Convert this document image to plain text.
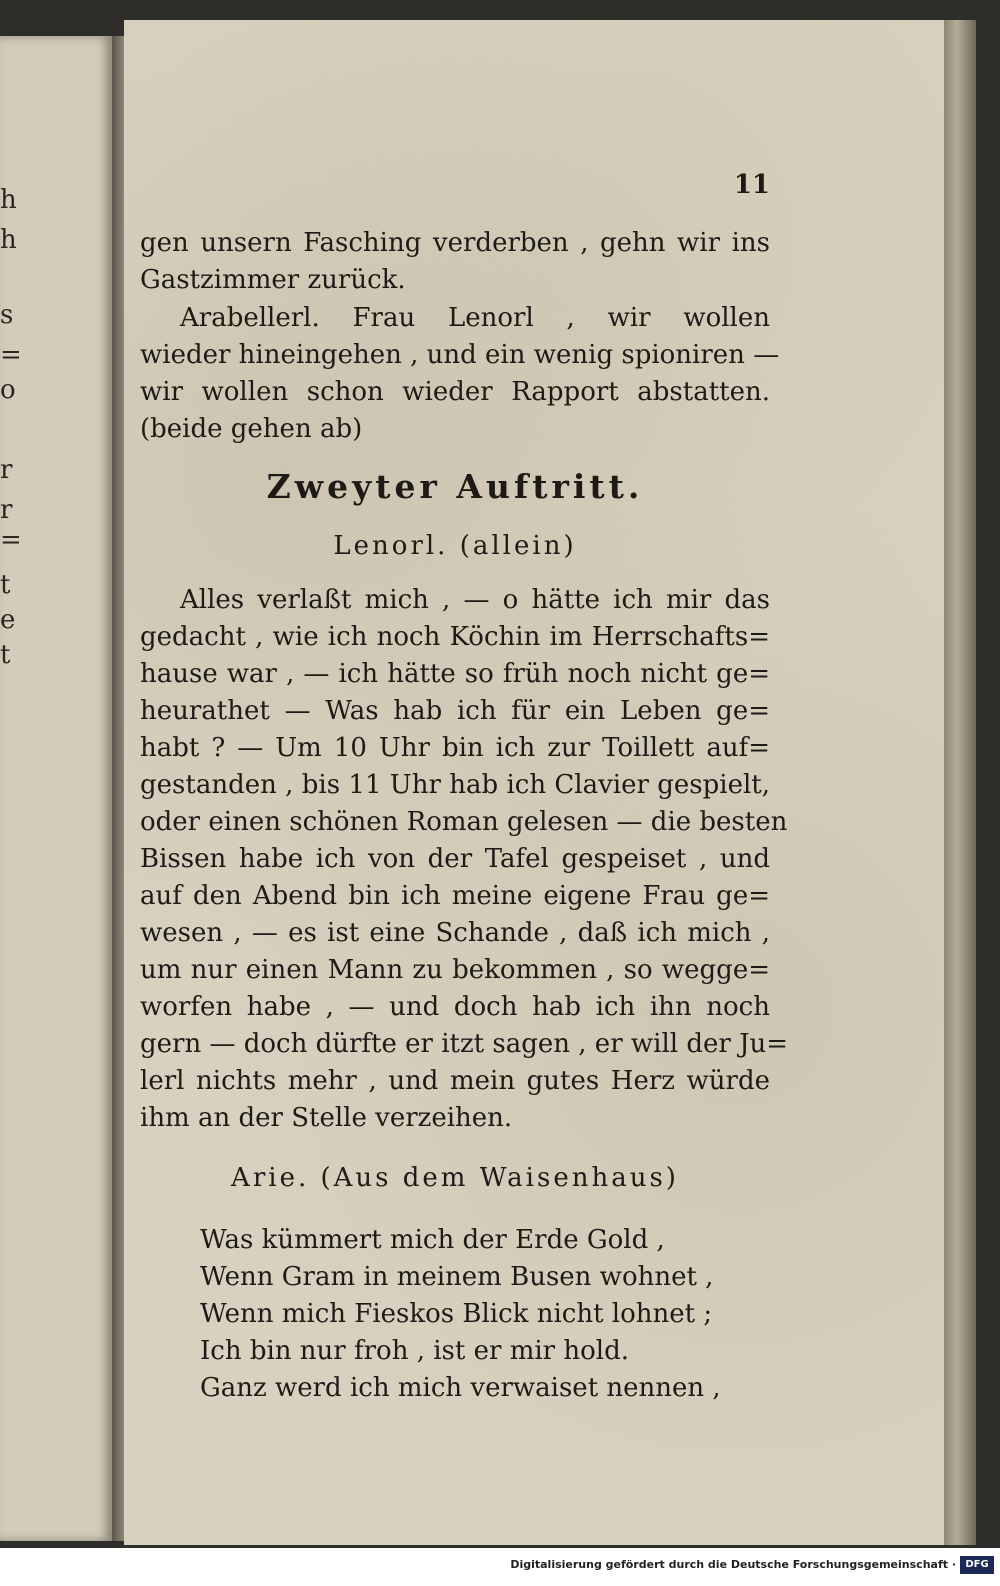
h
h
s
=
o
r
r
=
t
e
t
11
gen unsern Fasching verderben , gehn wir ins
Gastzimmer zurück.
Arabellerl. Frau Lenorl , wir wollen
wieder hineingehen , und ein wenig spioniren —
wir wollen schon wieder Rapport abstatten.
(beide gehen ab)
Zweyter Auftritt.
Lenorl. (allein)
Alles verlaßt mich , — o hätte ich mir das
gedacht , wie ich noch Köchin im Herrschafts=
hause war , — ich hätte so früh noch nicht ge=
heurathet — Was hab ich für ein Leben ge=
habt ? — Um 10 Uhr bin ich zur Toillett auf=
gestanden , bis 11 Uhr hab ich Clavier gespielt,
oder einen schönen Roman gelesen — die besten
Bissen habe ich von der Tafel gespeiset , und
auf den Abend bin ich meine eigene Frau ge=
wesen , — es ist eine Schande , daß ich mich ,
um nur einen Mann zu bekommen , so wegge=
worfen habe , — und doch hab ich ihn noch
gern — doch dürfte er itzt sagen , er will der Ju=
lerl nichts mehr , und mein gutes Herz würde
ihm an der Stelle verzeihen.
Arie. (Aus dem Waisenhaus)
Was kümmert mich der Erde Gold ,
Wenn Gram in meinem Busen wohnet ,
Wenn mich Fieskos Blick nicht lohnet ;
Ich bin nur froh , ist er mir hold.
Ganz werd ich mich verwaiset nennen ,
Digitalisierung gefördert durch die Deutsche Forschungsgemeinschaft · DFG
